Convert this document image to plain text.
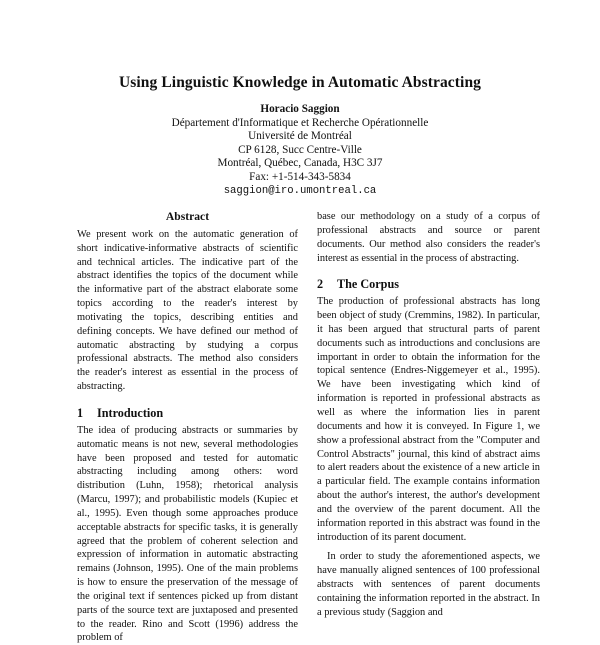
Using Linguistic Knowledge in Automatic Abstracting
Horacio Saggion
Département d'Informatique et Recherche Opérationnelle
Université de Montréal
CP 6128, Succ Centre-Ville
Montréal, Québec, Canada, H3C 3J7
Fax: +1-514-343-5834
saggion@iro.umontreal.ca
Abstract

We present work on the automatic generation of short indicative-informative abstracts of scientific and technical articles. The indicative part of the abstract identifies the topics of the document while the informative part of the abstract elaborate some topics according to the reader's interest by motivating the topics, describing entities and defining concepts. We have defined our method of automatic abstracting by studying a corpus professional abstracts. The method also considers the reader's interest as essential in the process of abstracting.

1 Introduction

The idea of producing abstracts or summaries by automatic means is not new, several methodologies have been proposed and tested for automatic abstracting including among others: word distribution (Luhn, 1958); rhetorical analysis (Marcu, 1997); and probabilistic models (Kupiec et al., 1995). Even though some approaches produce acceptable abstracts for specific tasks, it is generally agreed that the problem of coherent selection and expression of information in automatic abstracting remains (Johnson, 1995). One of the main problems is how to ensure the preservation of the message of the original text if sentences picked up from distant parts of the source text are juxtaposed and presented to the reader. Rino and Scott (1996) address the problem of

base our methodology on a study of a corpus of professional abstracts and source or parent documents. Our method also considers the reader's interest as essential in the process of abstracting.

2 The Corpus

The production of professional abstracts has long been object of study (Cremmins, 1982). In particular, it has been argued that structural parts of parent documents such as introductions and conclusions are important in order to obtain the information for the topical sentence (Endres-Niggemeyer et al., 1995). We have been investigating which kind of information is reported in professional abstracts as well as where the information lies in parent documents and how it is conveyed. In Figure 1, we show a professional abstract from the "Computer and Control Abstracts" journal, this kind of abstract aims to alert readers about the existence of a new article in a particular field. The example contains information about the author's interest, the author's development and the overview of the parent document. All the information reported in this abstract was found in the introduction of its parent document.

In order to study the aforementioned aspects, we have manually aligned sentences of 100 professional abstracts with sentences of parent documents containing the information reported in the abstract. In a previous study (Saggion and
